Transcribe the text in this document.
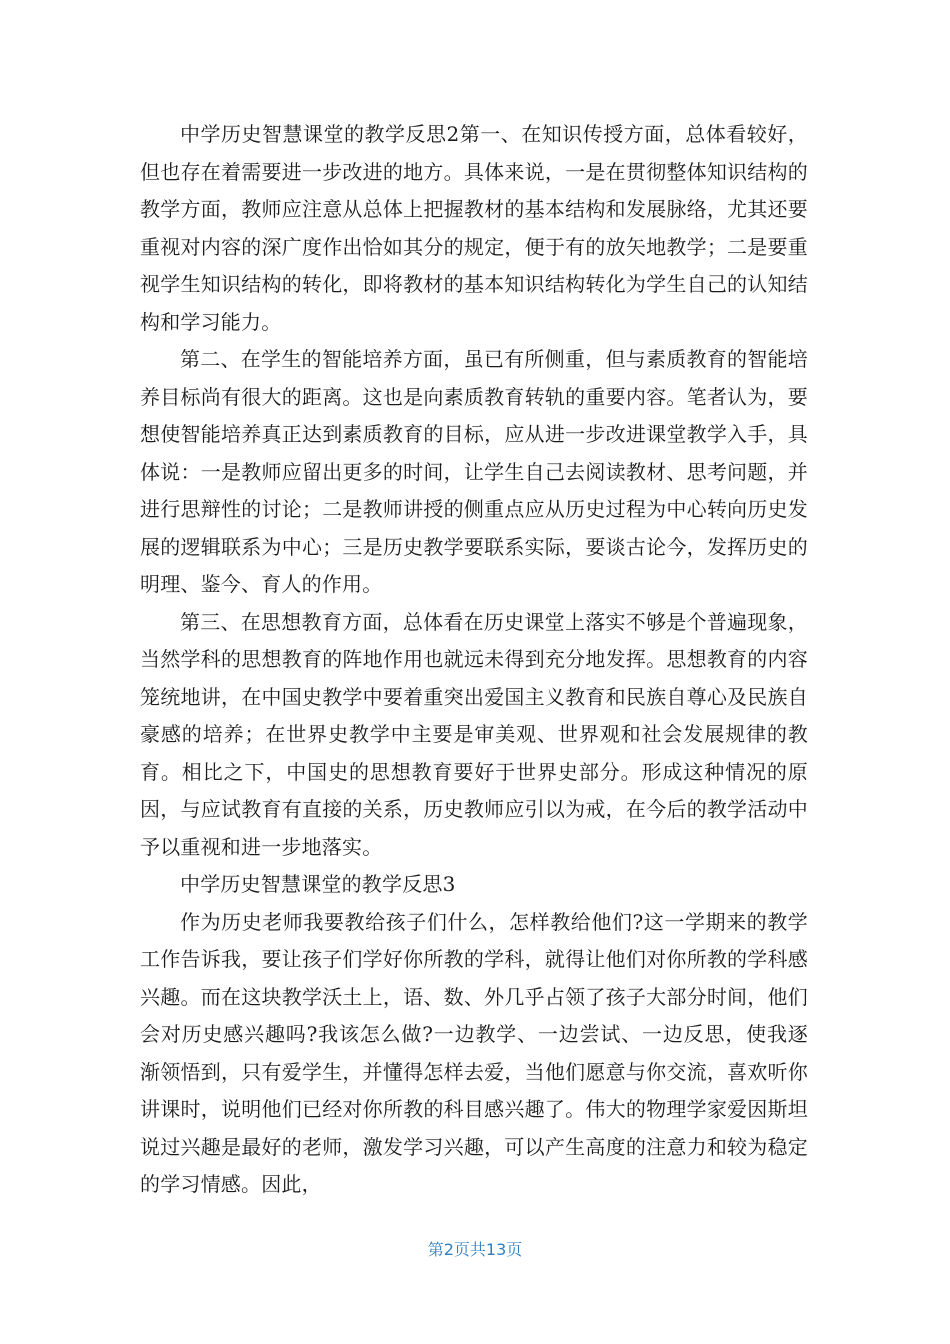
中学历史智慧课堂的教学反思2第一、在知识传授方面，总体看较好，但也存在着需要进一步改进的地方。具体来说，一是在贯彻整体知识结构的教学方面，教师应注意从总体上把握教材的基本结构和发展脉络，尤其还要重视对内容的深广度作出恰如其分的规定，便于有的放矢地教学；二是要重视学生知识结构的转化，即将教材的基本知识结构转化为学生自己的认知结构和学习能力。

第二、在学生的智能培养方面，虽已有所侧重，但与素质教育的智能培养目标尚有很大的距离。这也是向素质教育转轨的重要内容。笔者认为，要想使智能培养真正达到素质教育的目标，应从进一步改进课堂教学入手，具体说：一是教师应留出更多的时间，让学生自己去阅读教材、思考问题，并进行思辩性的讨论；二是教师讲授的侧重点应从历史过程为中心转向历史发展的逻辑联系为中心；三是历史教学要联系实际，要谈古论今，发挥历史的明理、鉴今、育人的作用。

第三、在思想教育方面，总体看在历史课堂上落实不够是个普遍现象，当然学科的思想教育的阵地作用也就远未得到充分地发挥。思想教育的内容笼统地讲，在中国史教学中要着重突出爱国主义教育和民族自尊心及民族自豪感的培养；在世界史教学中主要是审美观、世界观和社会发展规律的教育。相比之下，中国史的思想教育要好于世界史部分。形成这种情况的原因，与应试教育有直接的关系，历史教师应引以为戒，在今后的教学活动中予以重视和进一步地落实。

中学历史智慧课堂的教学反思3

作为历史老师我要教给孩子们什么，怎样教给他们?这一学期来的教学工作告诉我，要让孩子们学好你所教的学科，就得让他们对你所教的学科感兴趣。而在这块教学沃土上，语、数、外几乎占领了孩子大部分时间，他们会对历史感兴趣吗?我该怎么做?一边教学、一边尝试、一边反思，使我逐渐领悟到，只有爱学生，并懂得怎样去爱，当他们愿意与你交流，喜欢听你讲课时，说明他们已经对你所教的科目感兴趣了。伟大的物理学家爱因斯坦说过兴趣是最好的老师，激发学习兴趣，可以产生高度的注意力和较为稳定的学习情感。因此，

第2页共13页
